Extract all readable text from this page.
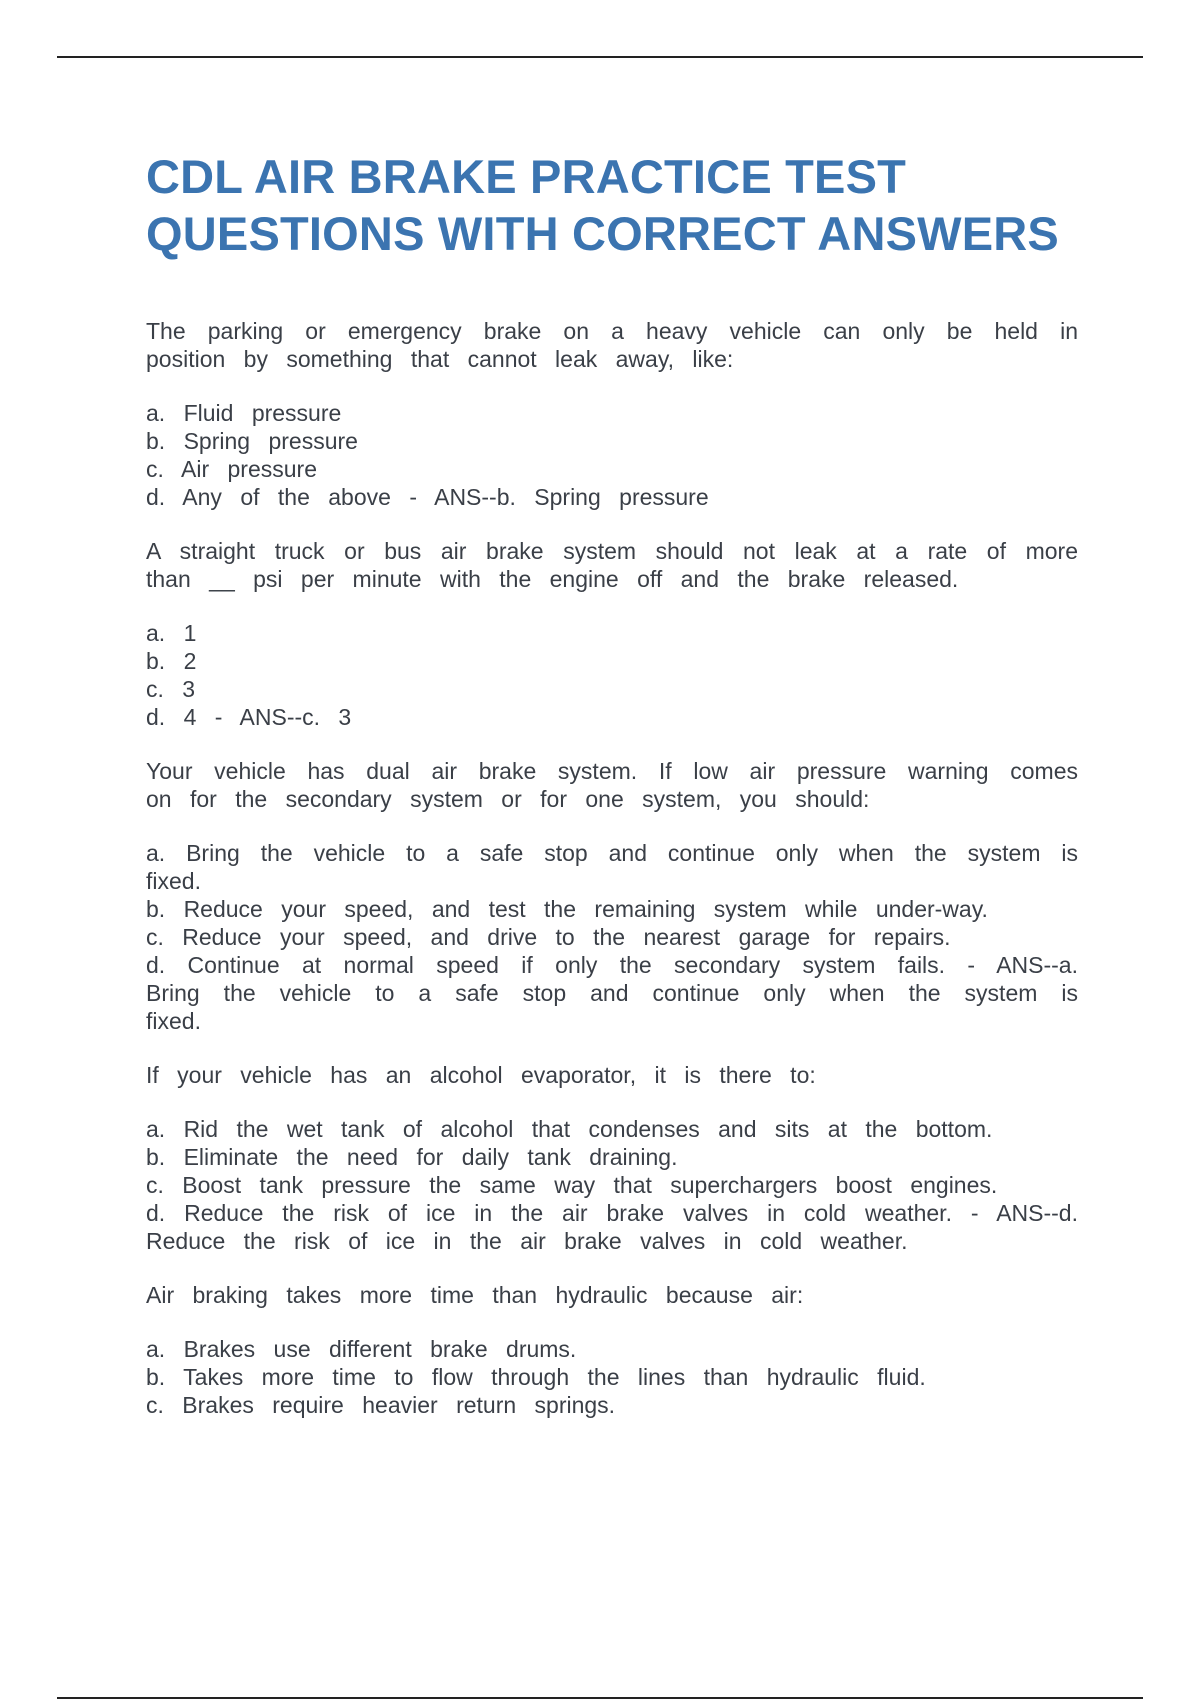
CDL AIR BRAKE PRACTICE TEST QUESTIONS WITH CORRECT ANSWERS

The parking or emergency brake on a heavy vehicle can only be held in position by something that cannot leak away, like:

a. Fluid pressure

b. Spring pressure

c. Air pressure

d. Any of the above - ANS--b. Spring pressure

A straight truck or bus air brake system should not leak at a rate of more than __ psi per minute with the engine off and the brake released.

a. 1

b. 2

c. 3

d. 4 - ANS--c. 3

Your vehicle has dual air brake system. If low air pressure warning comes on for the secondary system or for one system, you should:

a. Bring the vehicle to a safe stop and continue only when the system is fixed.

b. Reduce your speed, and test the remaining system while under-way.

c. Reduce your speed, and drive to the nearest garage for repairs.

d. Continue at normal speed if only the secondary system fails. - ANS--a. Bring the vehicle to a safe stop and continue only when the system is fixed.

If your vehicle has an alcohol evaporator, it is there to:

a. Rid the wet tank of alcohol that condenses and sits at the bottom.

b. Eliminate the need for daily tank draining.

c. Boost tank pressure the same way that superchargers boost engines.

d. Reduce the risk of ice in the air brake valves in cold weather. - ANS--d. Reduce the risk of ice in the air brake valves in cold weather.

Air braking takes more time than hydraulic because air:

a. Brakes use different brake drums.

b. Takes more time to flow through the lines than hydraulic fluid.

c. Brakes require heavier return springs.
